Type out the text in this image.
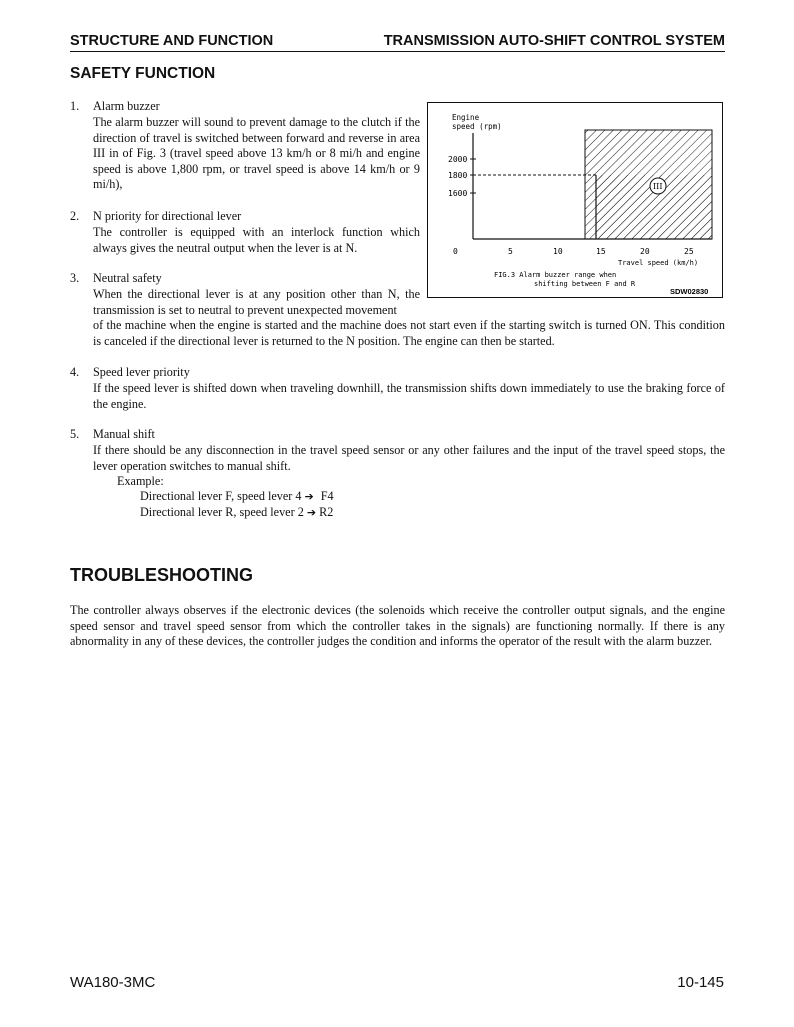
STRUCTURE AND FUNCTION	TRANSMISSION AUTO-SHIFT CONTROL SYSTEM
SAFETY FUNCTION
1. Alarm buzzer
The alarm buzzer will sound to prevent damage to the clutch if the direction of travel is switched between forward and reverse in area III in of Fig. 3 (travel speed above 13 km/h or 8 mi/h and engine speed is above 1,800 rpm, or travel speed is above 14 km/h or 9 mi/h),
2. N priority for directional lever
The controller is equipped with an interlock function which always gives the neutral output when the lever is at N.
3. Neutral safety
When the directional lever is at any position other than N, the transmission is set to neutral to prevent unexpected movement
of the machine when the engine is started and the machine does not start even if the starting switch is turned ON. This condition is canceled if the directional lever is returned to the N position. The engine can then be started.
4. Speed lever priority
If the speed lever is shifted down when traveling downhill, the transmission shifts down immediately to use the braking force of the engine.
5. Manual shift
If there should be any disconnection in the travel speed sensor or any other failures and the input of the travel speed stops, the lever operation switches to manual shift.
Example:
Directional lever F, speed lever 4 ➔ F4
Directional lever R, speed lever 2 ➔ R2
Engine
speed (rpm)
2000
1800
1600
0	5	10	15	20	25
Travel speed (km/h)
III
FIG.3 Alarm buzzer range when
shifting between F and R
SDW02830
TROUBLESHOOTING
The controller always observes if the electronic devices (the solenoids which receive the controller output signals, and the engine speed sensor and travel speed sensor from which the controller takes in the signals) are functioning normally. If there is any abnormality in any of these devices, the controller judges the condition and informs the operator of the result with the alarm buzzer.
WA180-3MC	10-145
